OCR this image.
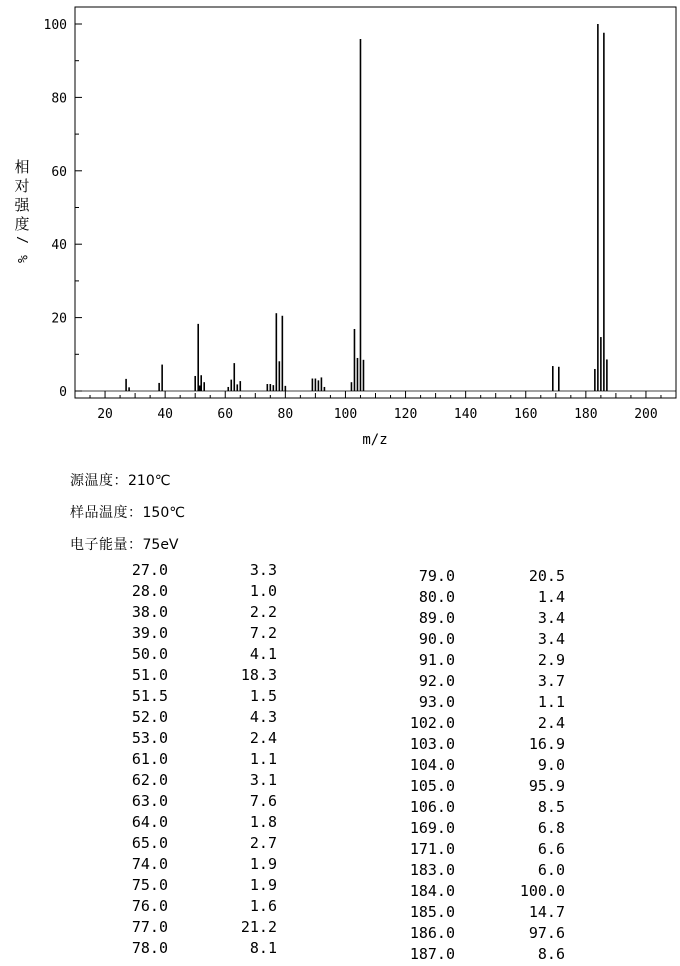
20	40	60	80	100	120	140	160	180	200
0
20
40
60
80
100
m/z
相
对
强
度
/
%
源温度：210℃
样品温度：150℃
电子能量：75eV
27.0	3.3
28.0	1.0
38.0	2.2
39.0	7.2
50.0	4.1
51.0	18.3
51.5	1.5
52.0	4.3
53.0	2.4
61.0	1.1
62.0	3.1
63.0	7.6
64.0	1.8
65.0	2.7
74.0	1.9
75.0	1.9
76.0	1.6
77.0	21.2
78.0	8.1
79.0	20.5
80.0	1.4
89.0	3.4
90.0	3.4
91.0	2.9
92.0	3.7
93.0	1.1
102.0	2.4
103.0	16.9
104.0	9.0
105.0	95.9
106.0	8.5
169.0	6.8
171.0	6.6
183.0	6.0
184.0	100.0
185.0	14.7
186.0	97.6
187.0	8.6
